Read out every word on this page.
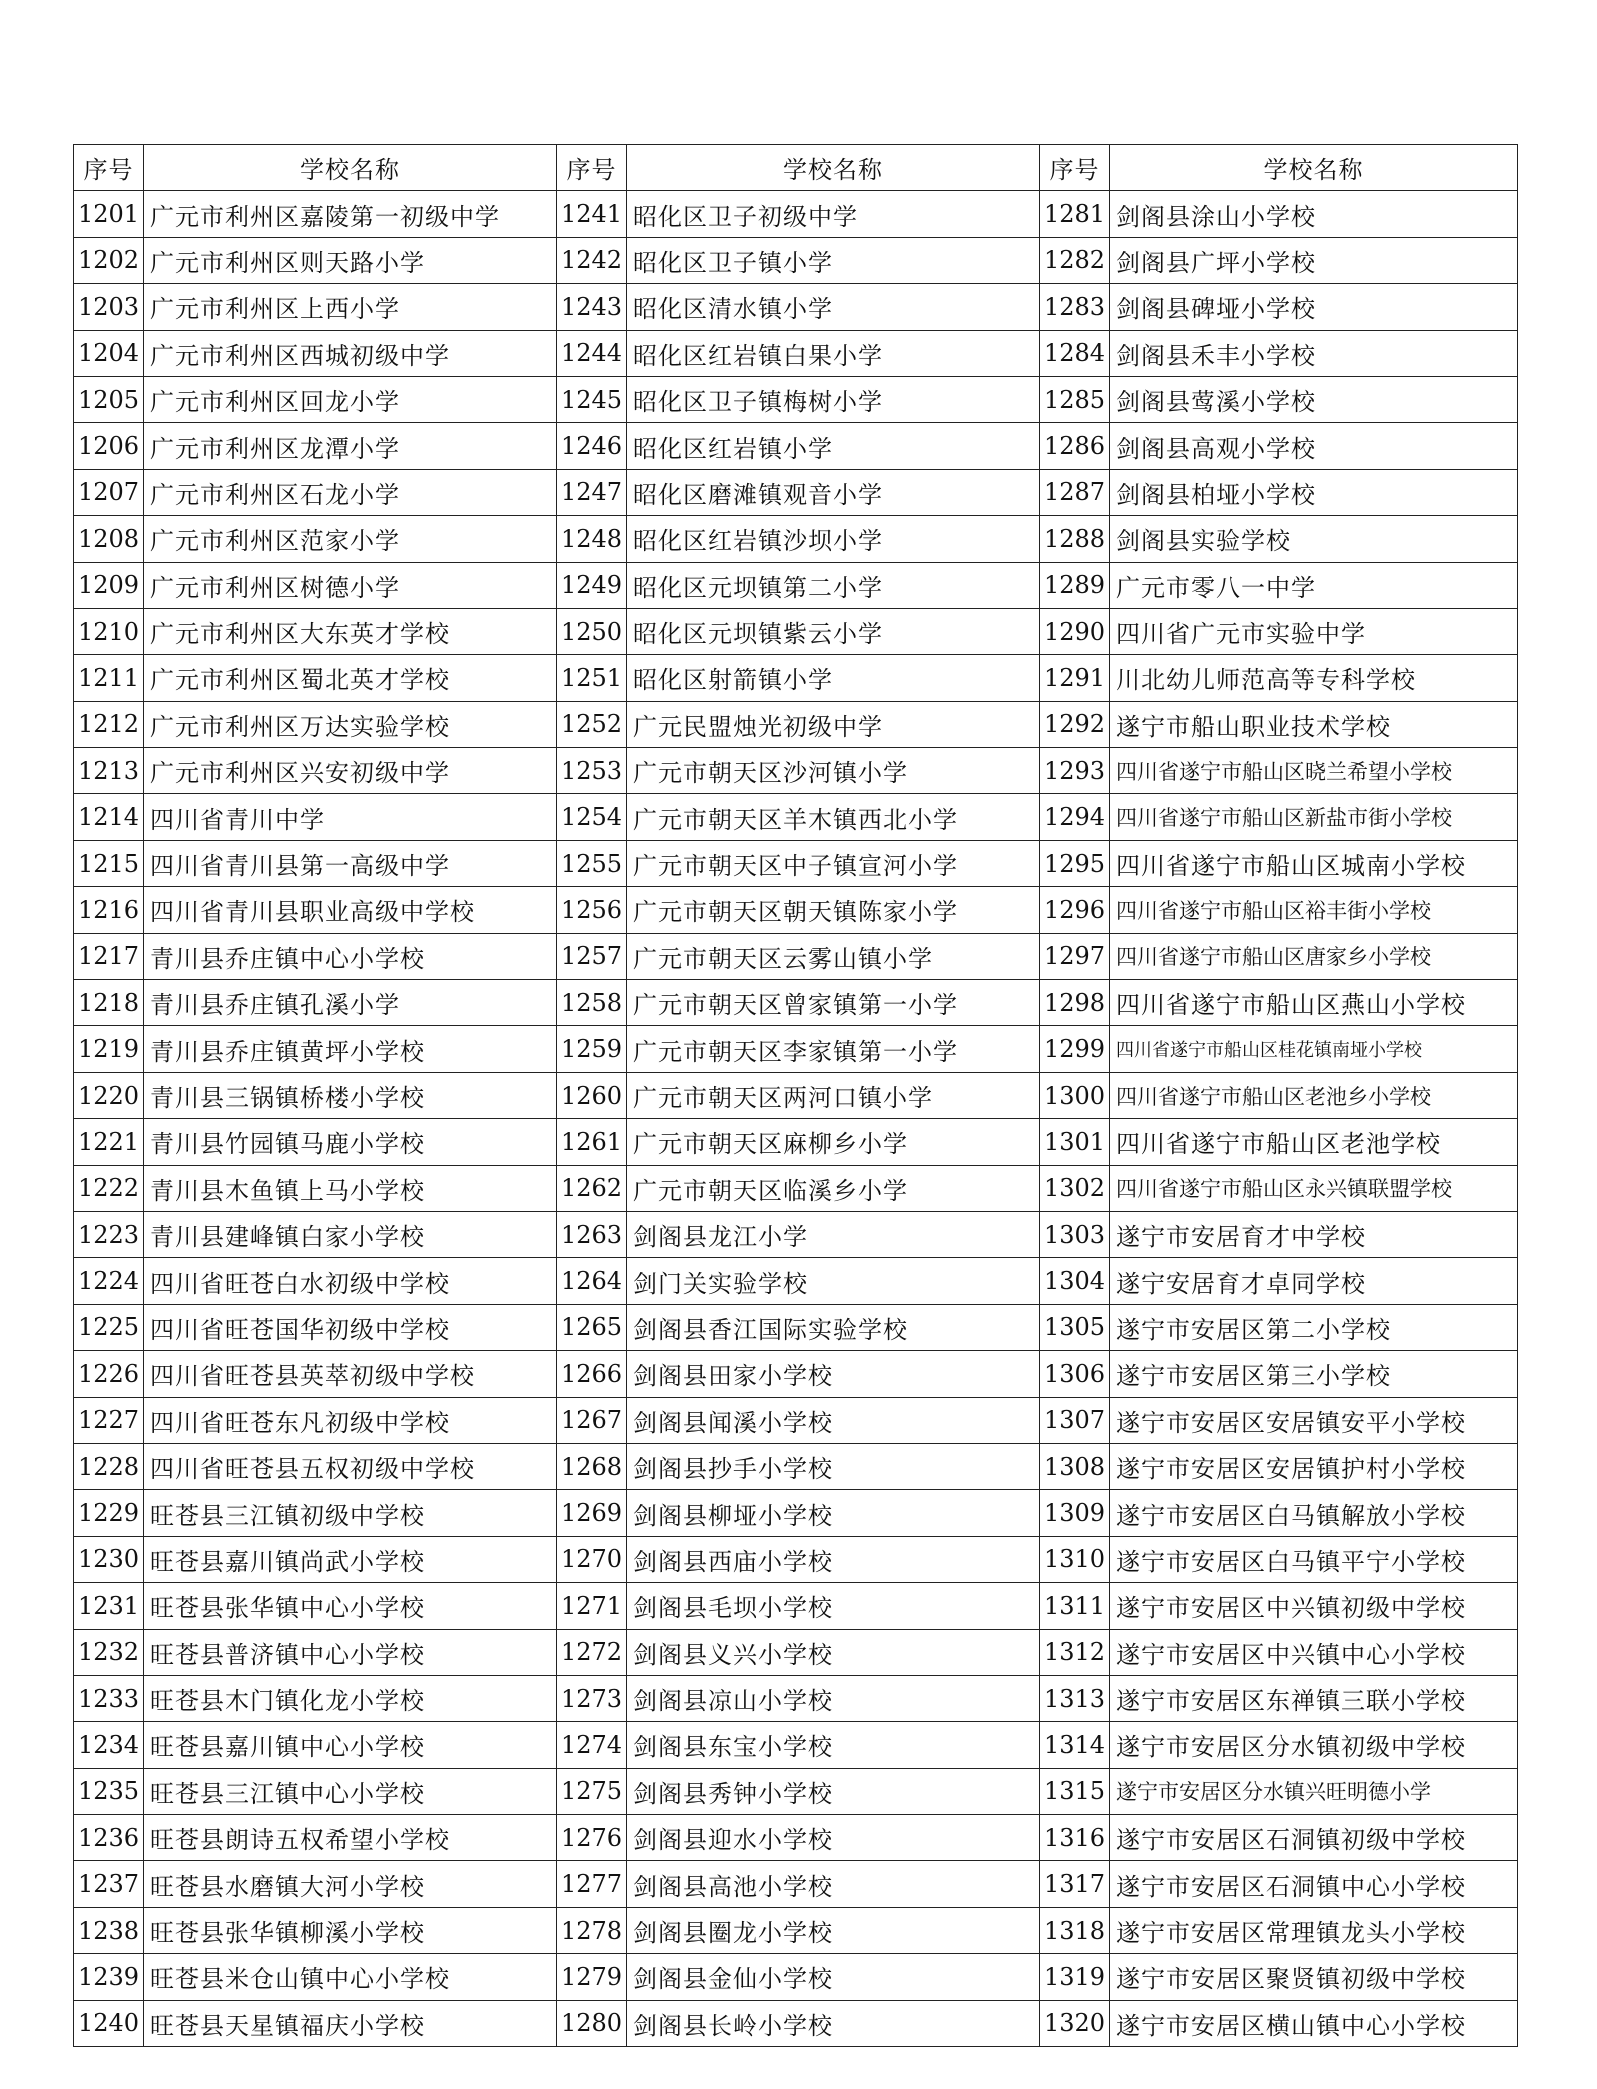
序号	学校名称	序号	学校名称	序号	学校名称
1201	广元市利州区嘉陵第一初级中学	1241	昭化区卫子初级中学	1281	剑阁县涂山小学校
1202	广元市利州区则天路小学	1242	昭化区卫子镇小学	1282	剑阁县广坪小学校
1203	广元市利州区上西小学	1243	昭化区清水镇小学	1283	剑阁县碑垭小学校
1204	广元市利州区西城初级中学	1244	昭化区红岩镇白果小学	1284	剑阁县禾丰小学校
1205	广元市利州区回龙小学	1245	昭化区卫子镇梅树小学	1285	剑阁县莺溪小学校
1206	广元市利州区龙潭小学	1246	昭化区红岩镇小学	1286	剑阁县高观小学校
1207	广元市利州区石龙小学	1247	昭化区磨滩镇观音小学	1287	剑阁县柏垭小学校
1208	广元市利州区范家小学	1248	昭化区红岩镇沙坝小学	1288	剑阁县实验学校
1209	广元市利州区树德小学	1249	昭化区元坝镇第二小学	1289	广元市零八一中学
1210	广元市利州区大东英才学校	1250	昭化区元坝镇紫云小学	1290	四川省广元市实验中学
1211	广元市利州区蜀北英才学校	1251	昭化区射箭镇小学	1291	川北幼儿师范高等专科学校
1212	广元市利州区万达实验学校	1252	广元民盟烛光初级中学	1292	遂宁市船山职业技术学校
1213	广元市利州区兴安初级中学	1253	广元市朝天区沙河镇小学	1293	四川省遂宁市船山区晓兰希望小学校
1214	四川省青川中学	1254	广元市朝天区羊木镇西北小学	1294	四川省遂宁市船山区新盐市街小学校
1215	四川省青川县第一高级中学	1255	广元市朝天区中子镇宣河小学	1295	四川省遂宁市船山区城南小学校
1216	四川省青川县职业高级中学校	1256	广元市朝天区朝天镇陈家小学	1296	四川省遂宁市船山区裕丰街小学校
1217	青川县乔庄镇中心小学校	1257	广元市朝天区云雾山镇小学	1297	四川省遂宁市船山区唐家乡小学校
1218	青川县乔庄镇孔溪小学	1258	广元市朝天区曾家镇第一小学	1298	四川省遂宁市船山区燕山小学校
1219	青川县乔庄镇黄坪小学校	1259	广元市朝天区李家镇第一小学	1299	四川省遂宁市船山区桂花镇南垭小学校
1220	青川县三锅镇桥楼小学校	1260	广元市朝天区两河口镇小学	1300	四川省遂宁市船山区老池乡小学校
1221	青川县竹园镇马鹿小学校	1261	广元市朝天区麻柳乡小学	1301	四川省遂宁市船山区老池学校
1222	青川县木鱼镇上马小学校	1262	广元市朝天区临溪乡小学	1302	四川省遂宁市船山区永兴镇联盟学校
1223	青川县建峰镇白家小学校	1263	剑阁县龙江小学	1303	遂宁市安居育才中学校
1224	四川省旺苍白水初级中学校	1264	剑门关实验学校	1304	遂宁安居育才卓同学校
1225	四川省旺苍国华初级中学校	1265	剑阁县香江国际实验学校	1305	遂宁市安居区第二小学校
1226	四川省旺苍县英萃初级中学校	1266	剑阁县田家小学校	1306	遂宁市安居区第三小学校
1227	四川省旺苍东凡初级中学校	1267	剑阁县闻溪小学校	1307	遂宁市安居区安居镇安平小学校
1228	四川省旺苍县五权初级中学校	1268	剑阁县抄手小学校	1308	遂宁市安居区安居镇护村小学校
1229	旺苍县三江镇初级中学校	1269	剑阁县柳垭小学校	1309	遂宁市安居区白马镇解放小学校
1230	旺苍县嘉川镇尚武小学校	1270	剑阁县西庙小学校	1310	遂宁市安居区白马镇平宁小学校
1231	旺苍县张华镇中心小学校	1271	剑阁县毛坝小学校	1311	遂宁市安居区中兴镇初级中学校
1232	旺苍县普济镇中心小学校	1272	剑阁县义兴小学校	1312	遂宁市安居区中兴镇中心小学校
1233	旺苍县木门镇化龙小学校	1273	剑阁县凉山小学校	1313	遂宁市安居区东禅镇三联小学校
1234	旺苍县嘉川镇中心小学校	1274	剑阁县东宝小学校	1314	遂宁市安居区分水镇初级中学校
1235	旺苍县三江镇中心小学校	1275	剑阁县秀钟小学校	1315	遂宁市安居区分水镇兴旺明德小学
1236	旺苍县朗诗五权希望小学校	1276	剑阁县迎水小学校	1316	遂宁市安居区石洞镇初级中学校
1237	旺苍县水磨镇大河小学校	1277	剑阁县高池小学校	1317	遂宁市安居区石洞镇中心小学校
1238	旺苍县张华镇柳溪小学校	1278	剑阁县圈龙小学校	1318	遂宁市安居区常理镇龙头小学校
1239	旺苍县米仓山镇中心小学校	1279	剑阁县金仙小学校	1319	遂宁市安居区聚贤镇初级中学校
1240	旺苍县天星镇福庆小学校	1280	剑阁县长岭小学校	1320	遂宁市安居区横山镇中心小学校
